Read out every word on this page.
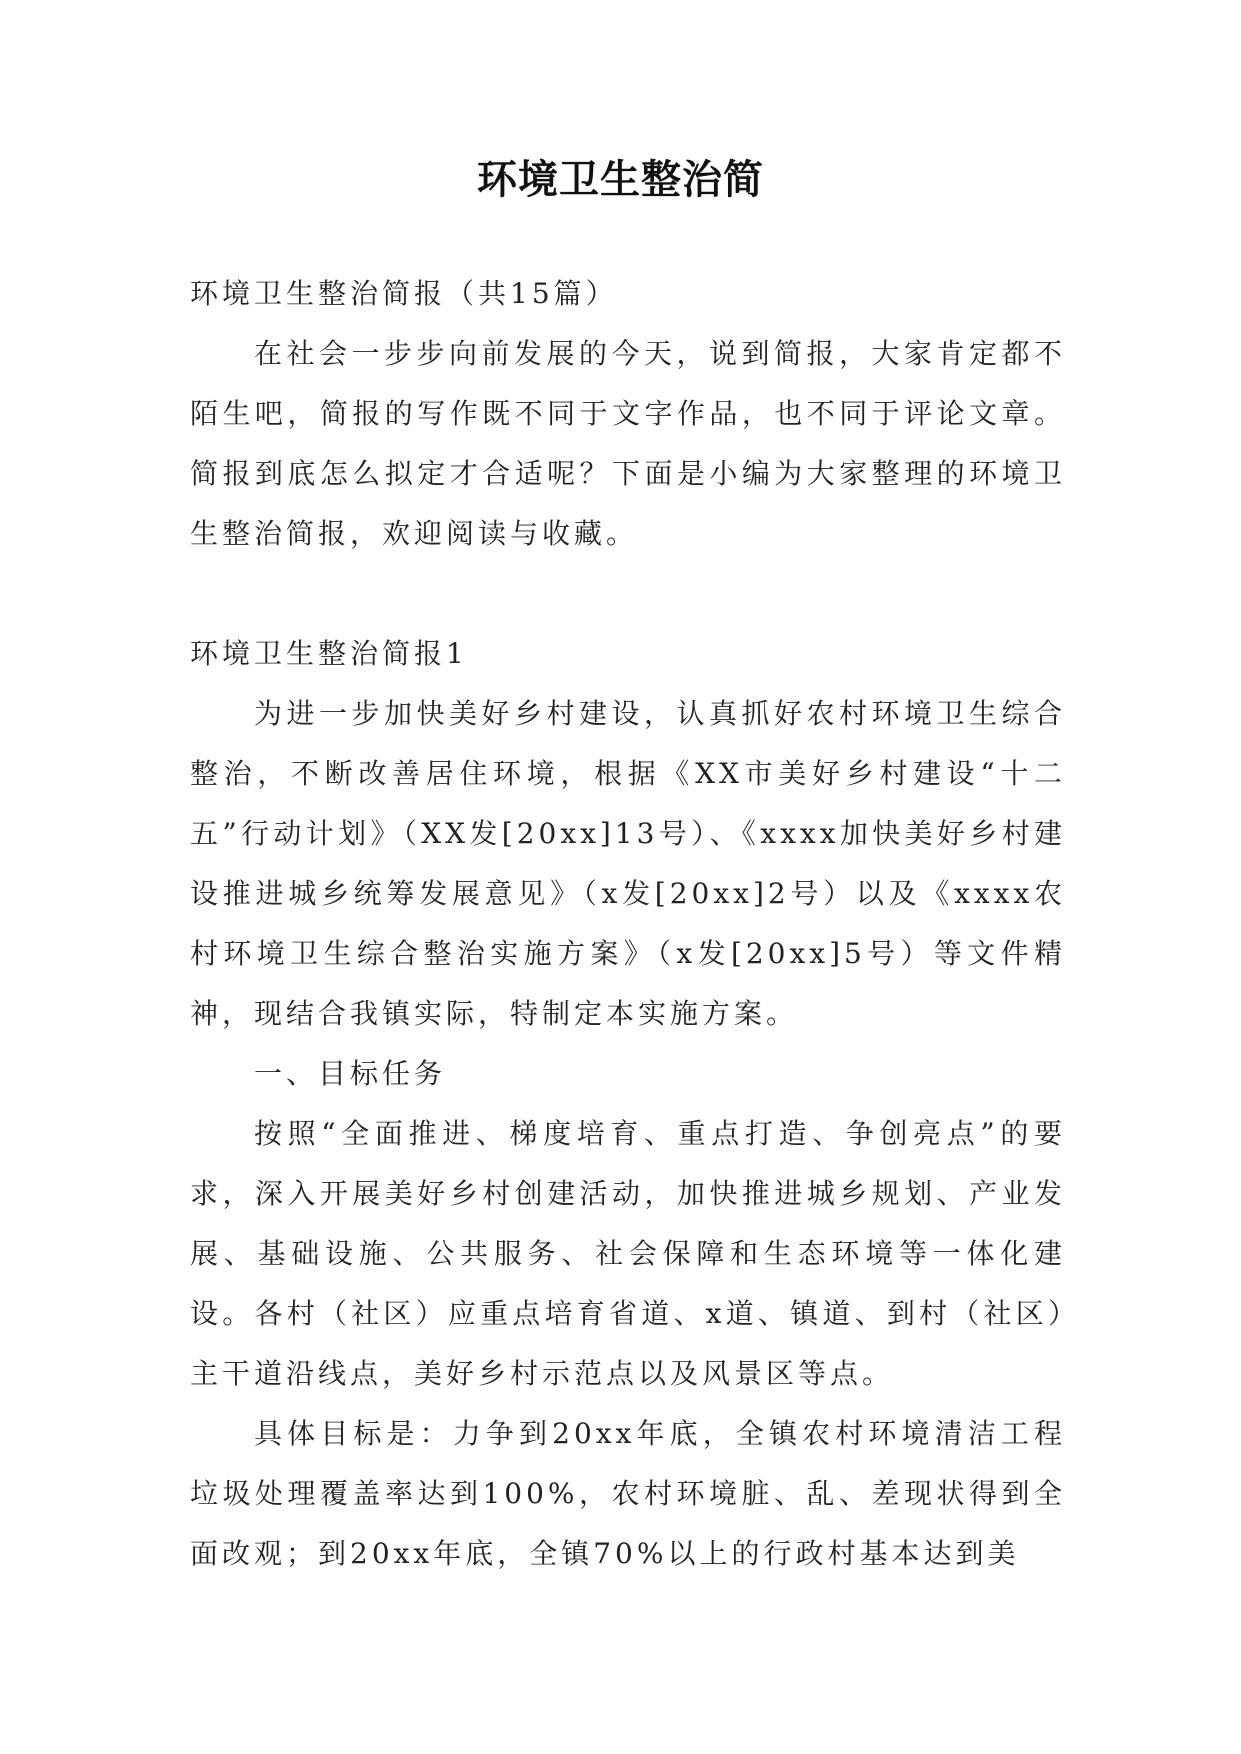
环境卫生整治简

环境卫生整治简报（共15篇）

在社会一步步向前发展的今天，说到简报，大家肯定都不陌生吧，简报的写作既不同于文字作品，也不同于评论文章。简报到底怎么拟定才合适呢？下面是小编为大家整理的环境卫生整治简报，欢迎阅读与收藏。

环境卫生整治简报1

为进一步加快美好乡村建设，认真抓好农村环境卫生综合整治，不断改善居住环境，根据《XX市美好乡村建设“十二五”行动计划》（XX发[20xx]13号）、《xxxx加快美好乡村建设推进城乡统筹发展意见》（x发[20xx]2号）以及《xxxx农村环境卫生综合整治实施方案》（x发[20xx]5号）等文件精神，现结合我镇实际，特制定本实施方案。

一、目标任务

按照“全面推进、梯度培育、重点打造、争创亮点”的要求，深入开展美好乡村创建活动，加快推进城乡规划、产业发展、基础设施、公共服务、社会保障和生态环境等一体化建设。各村（社区）应重点培育省道、x道、镇道、到村（社区）主干道沿线点，美好乡村示范点以及风景区等点。

具体目标是：力争到20xx年底，全镇农村环境清洁工程垃圾处理覆盖率达到100%，农村环境脏、乱、差现状得到全面改观；到20xx年底，全镇70%以上的行政村基本达到美
